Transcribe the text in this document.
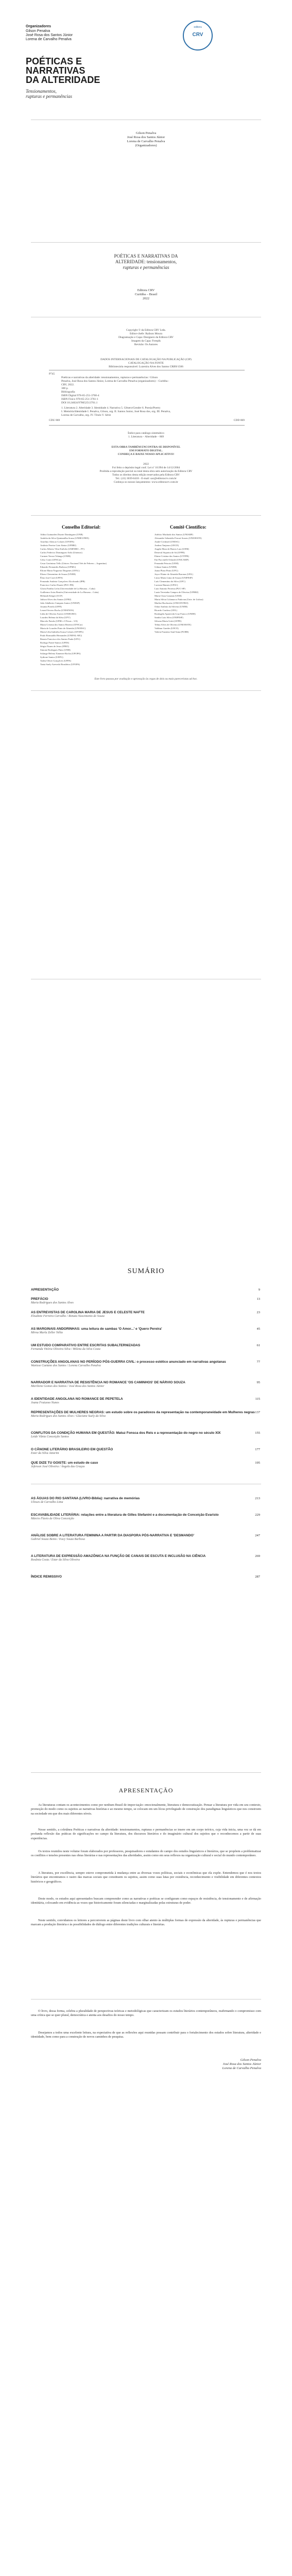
Organizadores
Gilson Penalva
José Rosa dos Santos Júnior
Lorena de Carvalho Penalva
POÉTICAS E
NARRATIVAS
DA ALTERIDADE
Tensionamentos,
rupturas e permanências
editora
CRV
Gilson Penalva
José Rosa dos Santos Júnior
Lorena de Carvalho Penalva
(Organizadores)
POÉTICAS E NARRATIVAS DA
ALTERIDADE: tensionamentos,
rupturas e permanências
Editora CRV
Curitiba – Brasil
2022
Copyright © da Editora CRV Ltda.
Editor-chefe: Railson Moura
Diagramação e Capa: Designers da Editora CRV
Imagem da Capa: Freepik
Revisão: Os Autores
DADOS INTERNACIONAIS DE CATALOGAÇÃO NA PUBLICAÇÃO (CIP)
CATALOGAÇÃO NA FONTE
Bibliotecária responsável: Luzenira Alves dos Santos CRB9/1506
P745
Poéticas e narrativas da alteridade: tensionamentos, rupturas e permanências / Gilson
Penalva, José Rosa dos Santos Júnior, Lorena de Carvalho Penalva (organizadores) – Curitiba :
CRV, 2022.
300 p.
Bibliografia
ISBN Digital 978-65-251-3760-4
ISBN Físico 978-65-251-3761-1
DOI 10.24824/978652513761.1
1. Literatura 2. Alteridade 3. Identidade 4. Narrativa 5. Gênero/Gender 6. Poesia/Poetry
I. Memória/Identidade I. Penalva, Gilson, org. II. Santos Junior, José Rosa dos, org. III. Penalva,
Lorena de Carvalho, org. IV. Título V. Série
CDU 869	CDD 869
Índice para catálogo sistemático
1. Literatura – Alteridade – 869
ESTA OBRA TAMBÉM ENCONTRA-SE DISPONÍVEL
EM FORMATO DIGITAL.
CONHEÇA E BAIXE NOSSO APLICATIVO!
2022
Foi feito o depósito legal conf. Lei nº 10.994 de 14/12/2004
Proibida a reprodução parcial ou total desta obra sem autorização da Editora CRV
Todos os direitos desta edição reservados pela Editora CRV
Tel.: (41) 3039-6418 - E-mail: sac@editoracrv.com.br
Conheça os nossos lançamentos: www.editoracrv.com.br
Conselho Editorial:	Comitê Científico:
Aldira Guimarães Duarte Domínguez (UNB)
Andréia da Silva Quintanilha Sousa (UNIR/UFRN)
Anselmo Alencar Colares (UFOPA)
Antônio Pereira Gaio Júnior (UFRRJ)
Carlos Alberto Vilar Estêvão (UMINHO – PT)
Carlos Federico Dominguez Avila (Unieuro)
Carmen Tereza Velanga (UNIR)
Celso Conti (UFSCar)
Cesar Gerónimo Tello (Univer. Nacional Três de Febrero – Argentina)
Eduardo Fernandes Barbosa (UFMG)
Elione Maria Nogueira Diogenes (UFAL)
Elizeu Clementino de Souza (UNEB)
Élsio José Corá (UFFS)
Fernando Antônio Gonçalves Alcoforado (IPB)
Francisco Carlos Duarte (PUC-PR)
Gloria Fariñas León (Universidade de La Havana – Cuba)
Guillermo Arias Beatón (Universidade de La Havana – Cuba)
Helmuth Krüger (UCP)
Jailson Alves dos Santos (UFRJ)
João Adalberto Campato Junior (UNESP)
Josania Portela (UFPI)
Leonel Severo Rocha (UNISINOS)
Lídia de Oliveira Xavier (UNIEURO)
Lourdes Helena da Silva (UFV)
Marcelo Paixão (UFRJ e UTexas – US)
Maria Cristina dos Santos Bezerra (UFSCar)
Maria de Lourdes Pinto de Almeida (UNOESC)
Maria Lília Imbiriba Sousa Colares (UFOPA)
Paulo Romualdo Hernandes (UNIFAL-MG)
Renato Francisco dos Santos Paula (UFG)
Rodrigo Pratte-Santos (UFES)
Sérgio Nunes de Jesus (IFRO)
Simone Rodrigues Pinto (UNB)
Solange Helena Ximenes-Rocha (UFOPA)
Sydione Santos (UEPG)
Tadeu Oliver Gonçalves (UFPA)
Tania Suely Azevedo Brasileiro (UFOPA)
Adelcio Machado dos Santos (UNIARP)
Alexandre Sebastião Ferrari Soares (UNIOESTE)
André Cechinel (UNESC)
Andrea Tanjoura (UECE)
Angela Mara de Barros Lara (UEM)
Deneval Siqueira de Sá (UFPR)
Elaine Cristina dos Santos (UTFPR)
Eni Puccinelli Orlandi (UNICAMP)
Fernanda Peixoto (UEM)
Gilmar Santos (UNEB)
Joana Plaza Pinto (UFG)
Joyce Elaine de Almeida Baronas (UEL)
Lúcia Maria Lima de Souza (UNIFESP)
Luís Clementino da Silva (UFC)
Luciane Hansen (UFSC)
Luiz Antonio Ferreira (PUC-SP)
Luzia Teresinha Campos de Oliveira (UFRRJ)
Maria Clara Ganasin (UEM)
Maria Sílvia Colamarco Padovan (Univ. de Lisboa)
Marlise Buchweitz (UNICENTRO)
Odair Antônio da Silveira (UNEB)
Ricardo Cardoso (UEL)
Rosângela Aparecida Cruz Franco (UNEB)
Sandro Luis Silva (UNIFESP)
Silvana Maria Gritti (UFPE)
Telma Alves de Oliveira (UNIOESTE)
Valdinar Guedes (UECE)
Valeria Faustino Sant'Anna (FURB)
Este livro passou por avaliação e aprovação às cegas de dois ou mais pareceristas ad hoc.
SUMÁRIO
APRESENTAÇÃO	9
PREFÁCIO
Maria Rodrigues dos Santos Alves
13
AS ENTREVISTAS DE CAROLINA MARIA DE JESUS E CELESTE NAFTE
Elisabete Ferreira Carvalho / Renata Nascimento de Souza
23
AS MARGINAIS ANDORINHAS: uma leitura de sambas 'O Amor...' e 'Quero Pereira'
Mirna Marla Zeller Nélia
45
UM ESTUDO COMPARATIVO ENTRE ESCRITAS SUBALTERNIZADAS
Fernanda Vitória Oliveira Silva / Milena da Silva Costa
61
CONSTRUÇÕES ANGOLANAS NO PERÍODO PÓS-GUERRA CIVIL: o processo estético anunciado em narrativas angolanas
Wanisse Caetano dos Santos / Lorena Carvalho Penalva
77
NARRADOR E NARRATIVA DE RESISTÊNCIA NO ROMANCE 'OS CAMINHOS' DE NÁRVIO SOUZA
Mariliene Gomes dos Santos / José Rosa dos Santos Júnior
95
A IDENTIDADE ANGOLANA NO ROMANCE DE PEPETELA
Joana Frutuoso Nunes
115
REPRESENTAÇÕES DE MULHERES NEGRAS: um estudo sobre os paradoxos da representação na contemporaneidade em Mulheres negras
Maria Rodrigues dos Santos Alves / Glaciane Suely da Silva
137
CONFLITOS DA CONDIÇÃO HUMANA EM QUESTÃO: Matuz Fonsca dos Reis e a representação do negro no século XIX
Leide Vânia Conceição Santos
155
O CÂNONE LITERÁRIO BRASILEIRO EM QUESTÃO
Ester da Silva Amorim
177
QUE DIZE TU GOISTE: um estudo de caso
Jeferson José Oliveira / Ângela das Graças
195
AS ÁGUAS DO RIO SANTANA (LIVRO-Bíblia): narrativa de memórias
Ulisses de Carvalho Lima
213
ESCAVABILIDADE LITERÁRIA: relações entre a literatura de Gilles Stefanini e a documentação de Conceição Evaristo
Márcio Flavio de Oliva Conceição
229
ANÁLISE SOBRE A LITERATURA FEMININA A PARTIR DA DIASPORA PÓS-NARRATIVA E 'DESMANDO'
Gabriel Souza Bento / Iracy Souza Barbosa
247
A LITERATURA DE EXPRESSÃO AMAZÔNICA NA FUNÇÃO DE CANAIS DE ESCUTA E INCLUSÃO NA CIÊNCIA
Rosânia Costa / Ester da Silva Oliveira
269
ÍNDICE REMISSIVO	287
APRESENTAÇÃO
As literaturas contam os acontecimentos como por nenhum Brasil de impor-tação: emocionalmente, literatura e democratização. Pensar a literatura por vida em seu contexto, promoção do modo como os sujeitos ao narrativas histórias e ao mesmo tempo, se colocam em um lócus privilegiado de construção dos paradigmas linguísticos que nos constroem na sociedade em que dos mais diferentes níveis.
Nesse sentido, a coletânea Poéticas e narrativas da alteridade: tensionamentos, rupturas e permanências se insere em um corpo teórico, cuja vida inicia, uma vez se dá em profunda reflexão das práticas de significações no campo da literatura, dos discursos literários e do imaginário cultural dos sujeitos que o reconhecemos a partir de suas experiências.
Os textos reunidos neste volume foram elaborados por professores, pesquisadores e estudantes do campo dos estudos linguísticos e literários, que se propõem a problematizar os conflitos e tensões presentes nas obras literárias e nas representações das alteridades, assim como em seus reflexos na organização cultural e social do mundo contemporâneo.
A literatura, por excelência, sempre esteve comprometida à mudança entre as diversas vozes políticas, sociais e econômicas que ela expõe. Entendemos que é nos textos literários que encontramos o rastro das marcas sociais que constituem os sujeitos, assim como suas lutas por existência, reconhecimento e visibilidade em diferentes contextos históricos e geográficos.
Deste modo, os estudos aqui apresentados buscam compreender como as narrativas e poéticas se configuram como espaços de resistência, de tensionamento e de afirmação identitária, colocando em evidência as vozes que historicamente foram silenciadas e marginalizadas pelas estruturas de poder.
Neste sentido, convidamos os leitores a percorrerem as páginas deste livro com olhar atento às múltiplas formas de expressão da alteridade, às rupturas e permanências que marcam a produção literária e às possibilidades de diálogo entre diferentes tradições culturais e literárias.
O livro, dessa forma, celebra a pluralidade de perspectivas teóricas e metodológicas que caracterizam os estudos literários contemporâneos, reafirmando o compromisso com uma crítica que se quer plural, democrática e atenta aos desafios do nosso tempo.
Desejamos a todos uma excelente leitura, na expectativa de que as reflexões aqui reunidas possam contribuir para o fortalecimento dos estudos sobre literatura, alteridade e identidade, bem como para a construção de novos caminhos de pesquisa.
Gilson Penalva
José Rosa dos Santos Júnior
Lorena de Carvalho Penalva
